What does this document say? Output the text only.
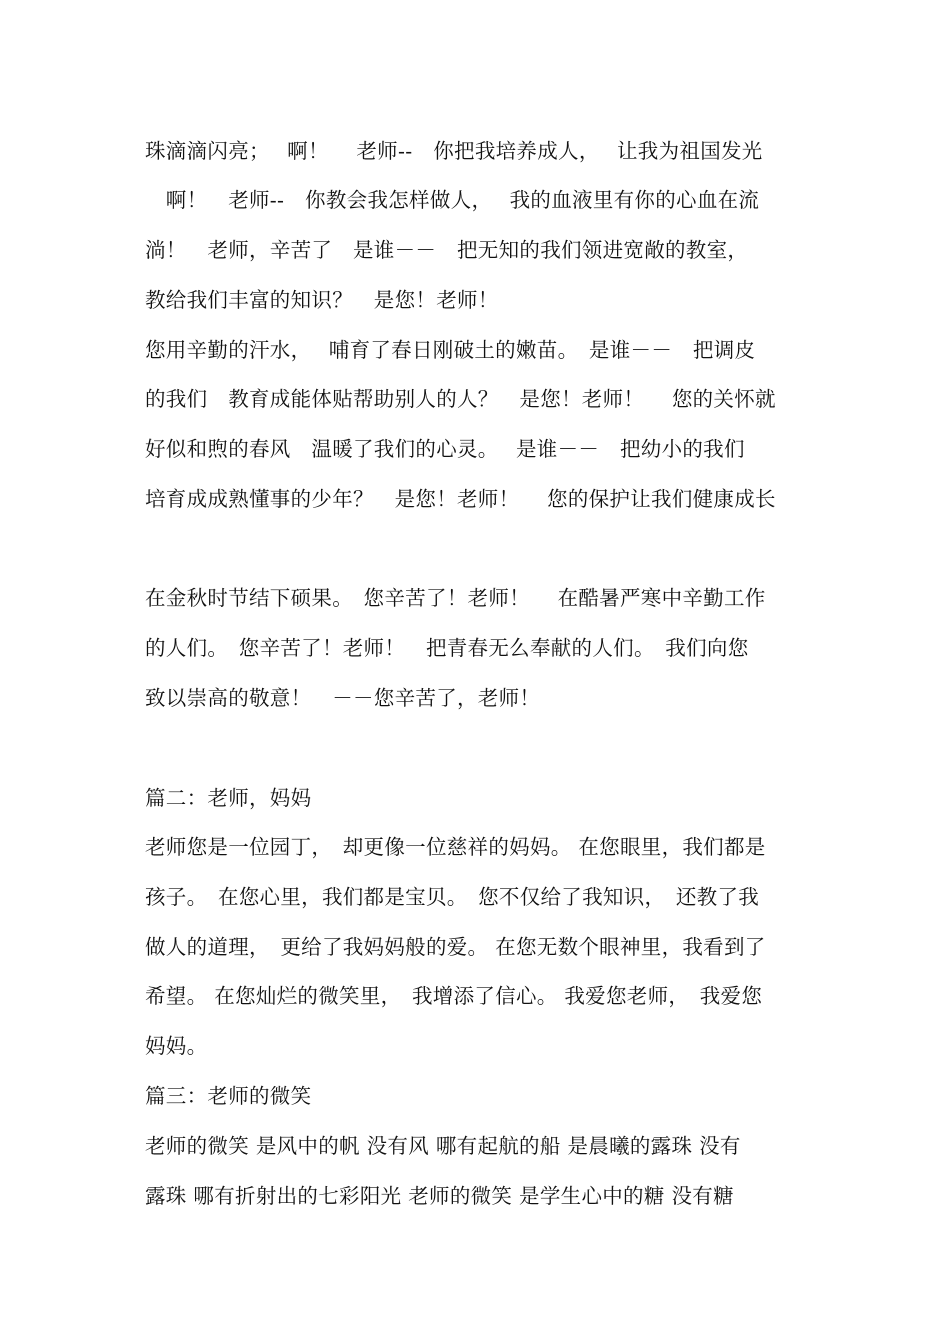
珠滴滴闪亮；　 啊！　 老师--　你把我培养成人，　 让我为祖国发光
　啊！　老师--　你教会我怎样做人，　 我的血液里有你的心血在流
淌！　老师，辛苦了　是谁－－　把无知的我们领进宽敞的教室，
教给我们丰富的知识？　是您！老师！
您用辛勤的汗水，　 哺育了春日刚破土的嫩苗。　是谁－－　把调皮
的我们　教育成能体贴帮助别人的人？　是您！老师！　 您的关怀就
好似和煦的春风　温暖了我们的心灵。　 是谁－－　把幼小的我们
培育成成熟懂事的少年？　是您！老师！　 您的保护让我们健康成长
在金秋时节结下硕果。　您辛苦了！老师！　 在酷暑严寒中辛勤工作
的人们。　您辛苦了！老师！　把青春无么奉献的人们。　我们向您
致以崇高的敬意！　－－您辛苦了，老师！
篇二：老师，妈妈
老师您是一位园丁，　却更像一位慈祥的妈妈。 在您眼里，我们都是
孩子。　在您心里，我们都是宝贝。　您不仅给了我知识，　还教了我
做人的道理，　更给了我妈妈般的爱。 在您无数个眼神里，我看到了
希望。 在您灿烂的微笑里，　我增添了信心。 我爱您老师，　我爱您
妈妈。
篇三：老师的微笑
老师的微笑 是风中的帆 没有风 哪有起航的船 是晨曦的露珠 没有
露珠 哪有折射出的七彩阳光 老师的微笑 是学生心中的糖 没有糖
